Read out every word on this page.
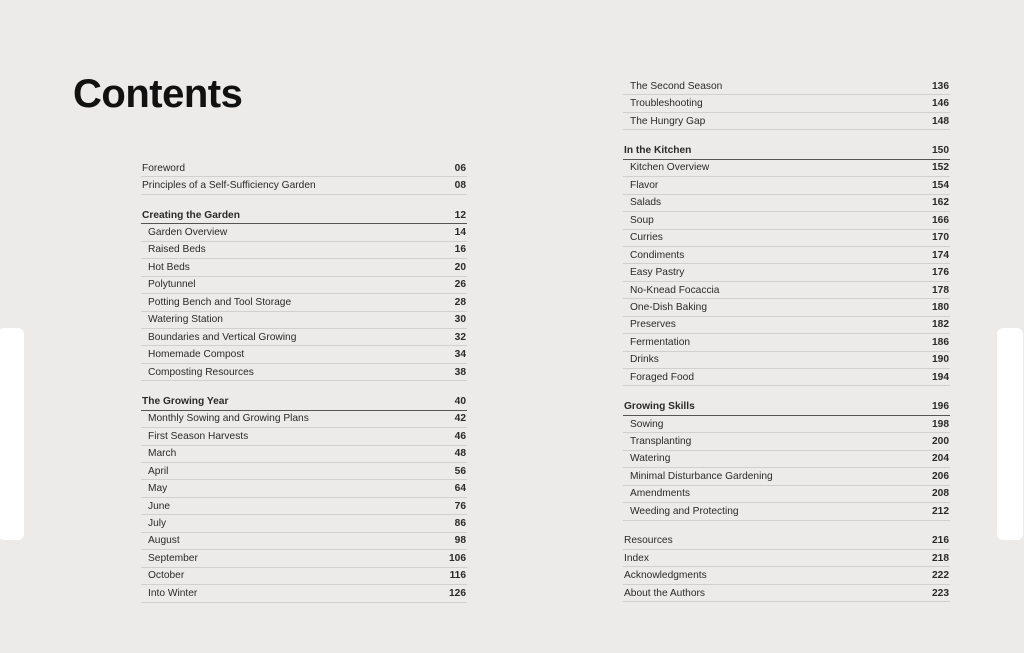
Contents
Foreword	06
Principles of a Self-Sufficiency Garden	08
Creating the Garden	12
Garden Overview	14
Raised Beds	16
Hot Beds	20
Polytunnel	26
Potting Bench and Tool Storage	28
Watering Station	30
Boundaries and Vertical Growing	32
Homemade Compost	34
Composting Resources	38
The Growing Year	40
Monthly Sowing and Growing Plans	42
First Season Harvests	46
March	48
April	56
May	64
June	76
July	86
August	98
September	106
October	116
Into Winter	126
The Second Season	136
Troubleshooting	146
The Hungry Gap	148
In the Kitchen	150
Kitchen Overview	152
Flavor	154
Salads	162
Soup	166
Curries	170
Condiments	174
Easy Pastry	176
No-Knead Focaccia	178
One-Dish Baking	180
Preserves	182
Fermentation	186
Drinks	190
Foraged Food	194
Growing Skills	196
Sowing	198
Transplanting	200
Watering	204
Minimal Disturbance Gardening	206
Amendments	208
Weeding and Protecting	212
Resources	216
Index	218
Acknowledgments	222
About the Authors	223
